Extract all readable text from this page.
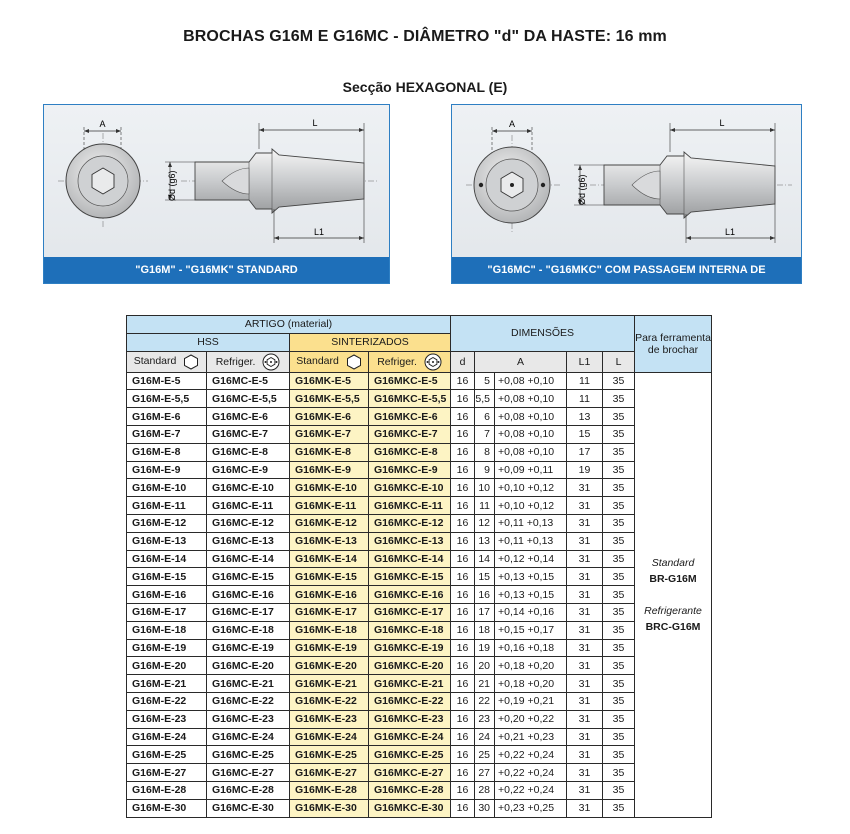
BROCHAS G16M E G16MC - DIÂMETRO "d" DA HASTE: 16 mm
Secção HEXAGONAL (E)
A
Ød (g6)
L
L1
"G16M" - "G16MK" STANDARD
A
Ød (g6)
L
L1
"G16MC" - "G16MKC" COM PASSAGEM INTERNA DE REFRIGERANTE
ARTIGO (material)				DIMENSÕES					Para ferramenta de brochar
HSS		SINTERIZADOS							
Standard	Refriger.	Standard	Refriger.	d	A		L1	L	
G16M-E-5	G16MC-E-5	G16MK-E-5	G16MKC-E-5	16	5	+0,08 +0,10	11	35	Standard
BR-G16M

Refrigerante
BRC-G16M
G16M-E-5,5	G16MC-E-5,5	G16MK-E-5,5	G16MKC-E-5,5	16	5,5	+0,08 +0,10	11	35	
G16M-E-6	G16MC-E-6	G16MK-E-6	G16MKC-E-6	16	6	+0,08 +0,10	13	35	
G16M-E-7	G16MC-E-7	G16MK-E-7	G16MKC-E-7	16	7	+0,08 +0,10	15	35	
G16M-E-8	G16MC-E-8	G16MK-E-8	G16MKC-E-8	16	8	+0,08 +0,10	17	35	
G16M-E-9	G16MC-E-9	G16MK-E-9	G16MKC-E-9	16	9	+0,09 +0,11	19	35	
G16M-E-10	G16MC-E-10	G16MK-E-10	G16MKC-E-10	16	10	+0,10 +0,12	31	35	
G16M-E-11	G16MC-E-11	G16MK-E-11	G16MKC-E-11	16	11	+0,10 +0,12	31	35	
G16M-E-12	G16MC-E-12	G16MK-E-12	G16MKC-E-12	16	12	+0,11 +0,13	31	35	
G16M-E-13	G16MC-E-13	G16MK-E-13	G16MKC-E-13	16	13	+0,11 +0,13	31	35	
G16M-E-14	G16MC-E-14	G16MK-E-14	G16MKC-E-14	16	14	+0,12 +0,14	31	35	
G16M-E-15	G16MC-E-15	G16MK-E-15	G16MKC-E-15	16	15	+0,13 +0,15	31	35	
G16M-E-16	G16MC-E-16	G16MK-E-16	G16MKC-E-16	16	16	+0,13 +0,15	31	35	
G16M-E-17	G16MC-E-17	G16MK-E-17	G16MKC-E-17	16	17	+0,14 +0,16	31	35	
G16M-E-18	G16MC-E-18	G16MK-E-18	G16MKC-E-18	16	18	+0,15 +0,17	31	35	
G16M-E-19	G16MC-E-19	G16MK-E-19	G16MKC-E-19	16	19	+0,16 +0,18	31	35	
G16M-E-20	G16MC-E-20	G16MK-E-20	G16MKC-E-20	16	20	+0,18 +0,20	31	35	
G16M-E-21	G16MC-E-21	G16MK-E-21	G16MKC-E-21	16	21	+0,18 +0,20	31	35	
G16M-E-22	G16MC-E-22	G16MK-E-22	G16MKC-E-22	16	22	+0,19 +0,21	31	35	
G16M-E-23	G16MC-E-23	G16MK-E-23	G16MKC-E-23	16	23	+0,20 +0,22	31	35	
G16M-E-24	G16MC-E-24	G16MK-E-24	G16MKC-E-24	16	24	+0,21 +0,23	31	35	
G16M-E-25	G16MC-E-25	G16MK-E-25	G16MKC-E-25	16	25	+0,22 +0,24	31	35	
G16M-E-27	G16MC-E-27	G16MK-E-27	G16MKC-E-27	16	27	+0,22 +0,24	31	35	
G16M-E-28	G16MC-E-28	G16MK-E-28	G16MKC-E-28	16	28	+0,22 +0,24	31	35	
G16M-E-30	G16MC-E-30	G16MK-E-30	G16MKC-E-30	16	30	+0,23 +0,25	31	35	
